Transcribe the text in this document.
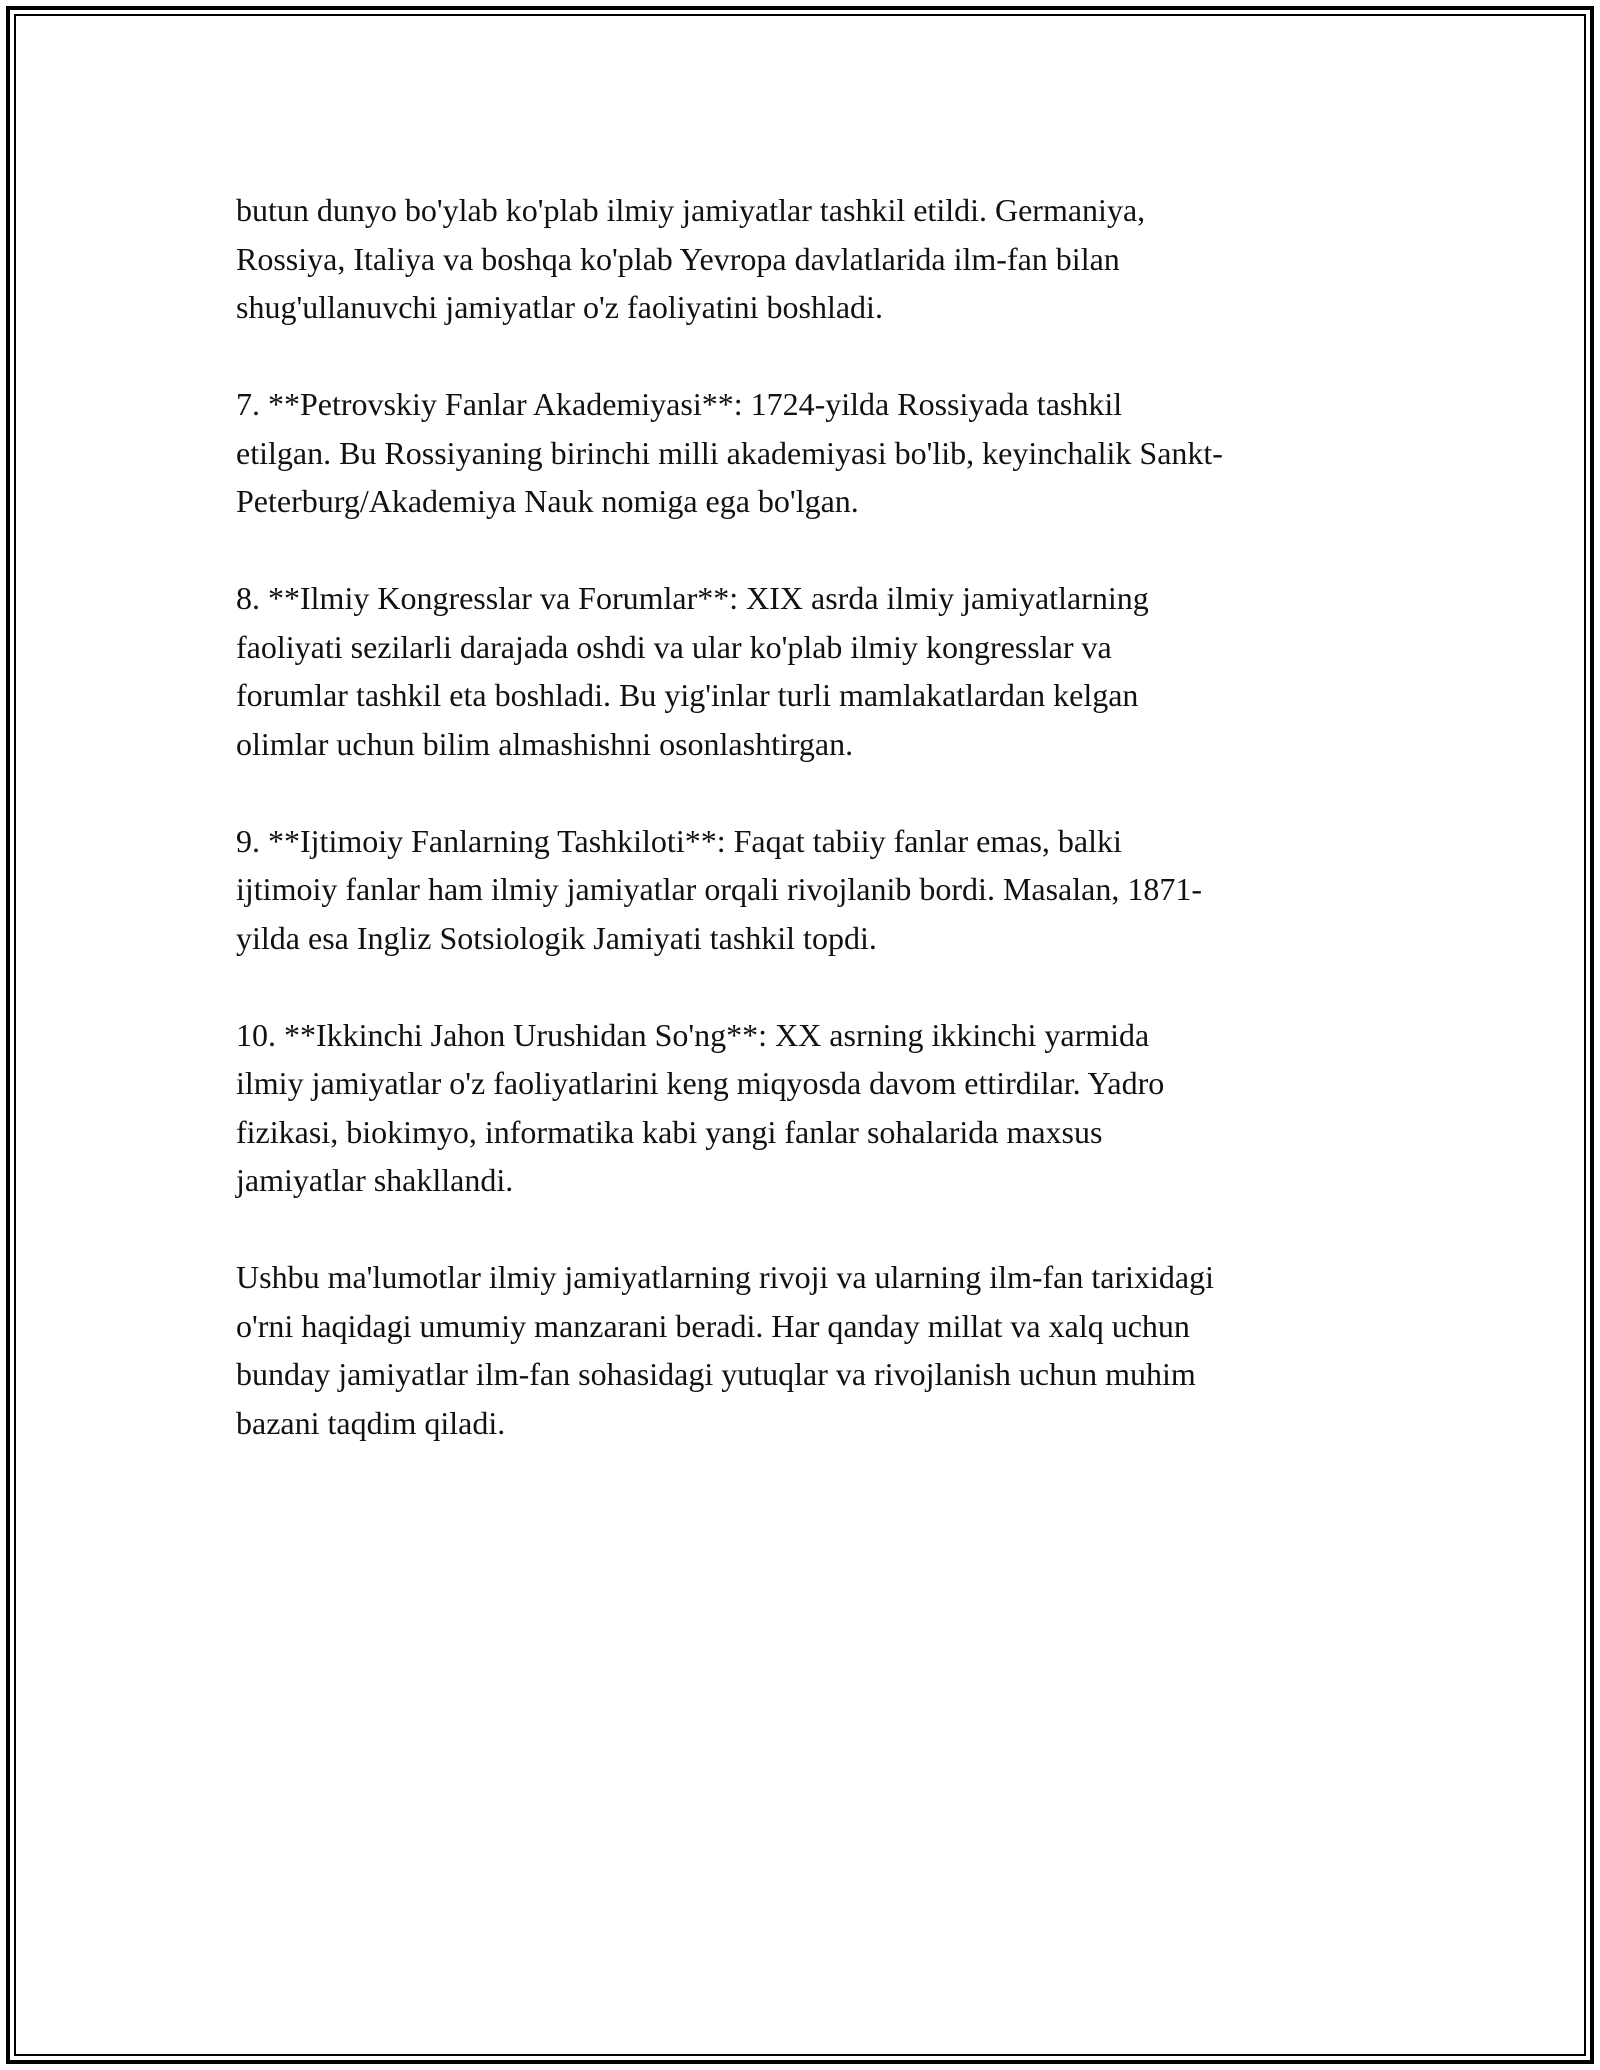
butun dunyo bo'ylab ko'plab ilmiy jamiyatlar tashkil etildi. Germaniya,
Rossiya, Italiya va boshqa ko'plab Yevropa davlatlarida ilm-fan bilan
shug'ullanuvchi jamiyatlar o'z faoliyatini boshladi.

7. **Petrovskiy Fanlar Akademiyasi**: 1724-yilda Rossiyada tashkil
etilgan. Bu Rossiyaning birinchi milli akademiyasi bo'lib, keyinchalik Sankt-
Peterburg/Akademiya Nauk nomiga ega bo'lgan.

8. **Ilmiy Kongresslar va Forumlar**: XIX asrda ilmiy jamiyatlarning
faoliyati sezilarli darajada oshdi va ular ko'plab ilmiy kongresslar va
forumlar tashkil eta boshladi. Bu yig'inlar turli mamlakatlardan kelgan
olimlar uchun bilim almashishni osonlashtirgan.

9. **Ijtimoiy Fanlarning Tashkiloti**: Faqat tabiiy fanlar emas, balki
ijtimoiy fanlar ham ilmiy jamiyatlar orqali rivojlanib bordi. Masalan, 1871-
yilda esa Ingliz Sotsiologik Jamiyati tashkil topdi.

10. **Ikkinchi Jahon Urushidan So'ng**: XX asrning ikkinchi yarmida
ilmiy jamiyatlar o'z faoliyatlarini keng miqyosda davom ettirdilar. Yadro
fizikasi, biokimyo, informatika kabi yangi fanlar sohalarida maxsus
jamiyatlar shakllandi.

Ushbu ma'lumotlar ilmiy jamiyatlarning rivoji va ularning ilm-fan tarixidagi
o'rni haqidagi umumiy manzarani beradi. Har qanday millat va xalq uchun
bunday jamiyatlar ilm-fan sohasidagi yutuqlar va rivojlanish uchun muhim
bazani taqdim qiladi.
